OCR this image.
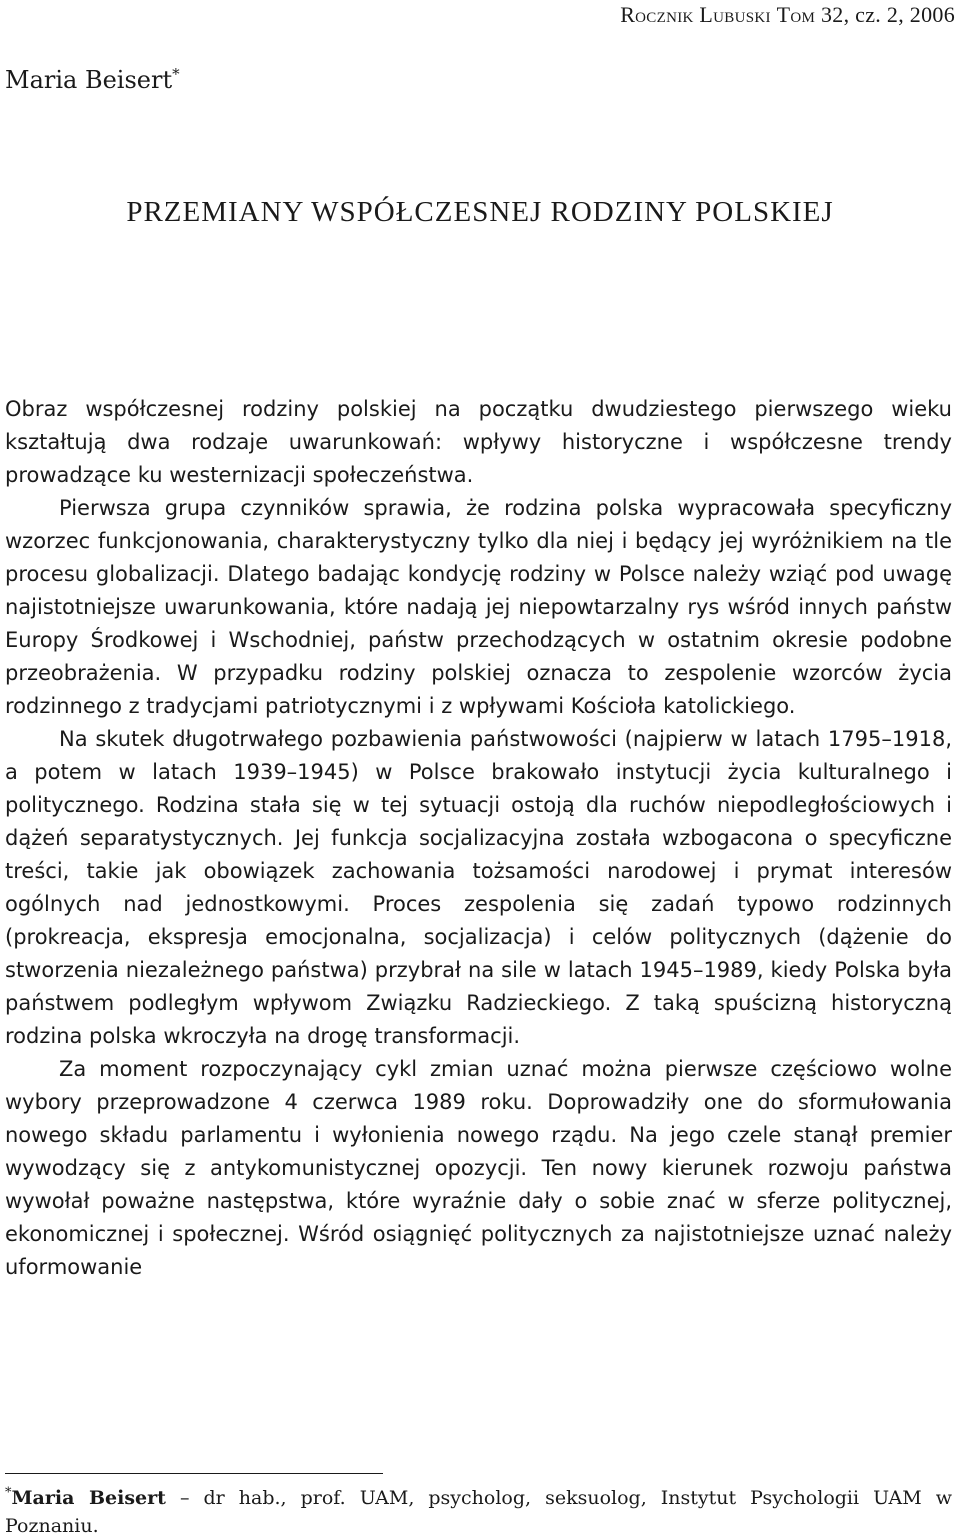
Rocznik Lubuski Tom 32, cz. 2, 2006
Maria Beisert*
PRZEMIANY WSPÓŁCZESNEJ RODZINY POLSKIEJ

Obraz współczesnej rodziny polskiej na początku dwudziestego pierwszego wieku kształtują dwa rodzaje uwarunkowań: wpływy historyczne i współczesne trendy prowadzące ku westernizacji społeczeństwa.

Pierwsza grupa czynników sprawia, że rodzina polska wypracowała specyficzny wzorzec funkcjonowania, charakterystyczny tylko dla niej i będący jej wyróżnikiem na tle procesu globalizacji. Dlatego badając kondycję rodziny w Polsce należy wziąć pod uwagę najistotniejsze uwarunkowania, które nadają jej niepowtarzalny rys wśród innych państw Europy Środkowej i Wschodniej, państw przechodzących w ostatnim okresie podobne przeobrażenia. W przypadku rodziny polskiej oznacza to zespolenie wzorców życia rodzinnego z tradycjami patriotycznymi i z wpływami Kościoła katolickiego.

Na skutek długotrwałego pozbawienia państwowości (najpierw w latach 1795–1918, a potem w latach 1939–1945) w Polsce brakowało instytucji życia kulturalnego i politycznego. Rodzina stała się w tej sytuacji ostoją dla ruchów niepodległościowych i dążeń separatystycznych. Jej funkcja socjalizacyjna została wzbogacona o specyficzne treści, takie jak obowiązek zachowania tożsamości narodowej i prymat interesów ogólnych nad jednostkowymi. Proces zespolenia się zadań typowo rodzinnych (prokreacja, ekspresja emocjonalna, socjalizacja) i celów politycznych (dążenie do stworzenia niezależnego państwa) przybrał na sile w latach 1945–1989, kiedy Polska była państwem podległym wpływom Związku Radzieckiego. Z taką spuścizną historyczną rodzina polska wkroczyła na drogę transformacji.

Za moment rozpoczynający cykl zmian uznać można pierwsze częściowo wolne wybory przeprowadzone 4 czerwca 1989 roku. Doprowadziły one do sformułowania nowego składu parlamentu i wyłonienia nowego rządu. Na jego czele stanął premier wywodzący się z antykomunistycznej opozycji. Ten nowy kierunek rozwoju państwa wywołał poważne następstwa, które wyraźnie dały o sobie znać w sferze politycznej, ekonomicznej i społecznej. Wśród osiągnięć politycznych za najistotniejsze uznać należy uformowanie

*Maria Beisert – dr hab., prof. UAM, psycholog, seksuolog, Instytut Psychologii UAM w Poznaniu.
